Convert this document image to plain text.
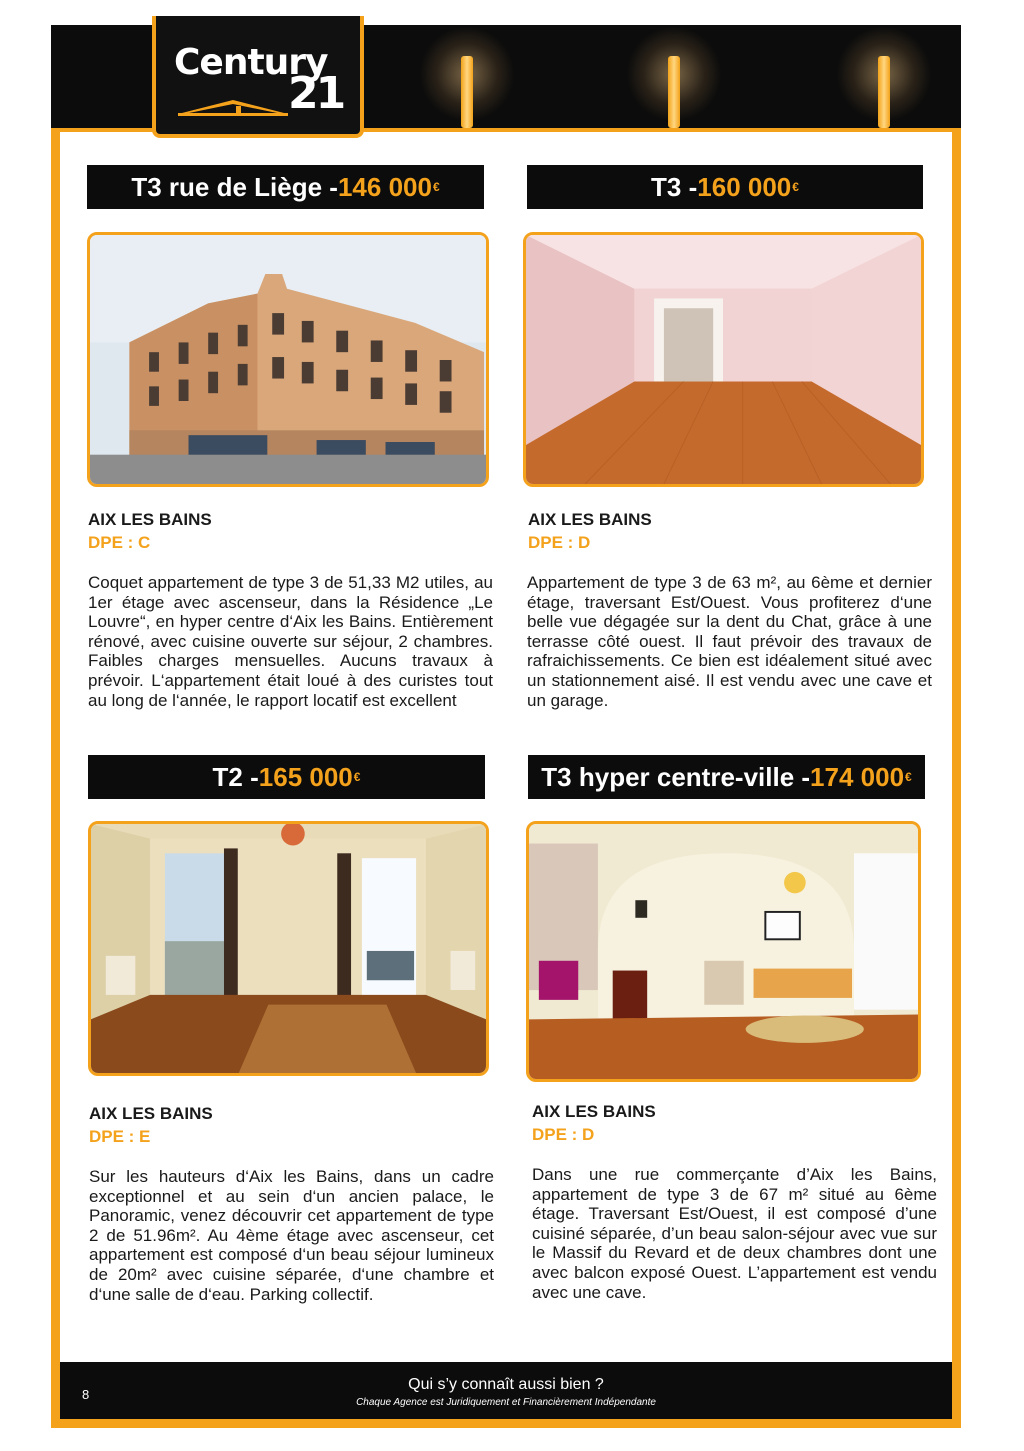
Century
21
T3 rue de Liège - 146 000 €
AIX LES BAINS
DPE : C
Coquet appartement de type 3 de 51,33 M2 utiles, au 1er étage avec ascenseur, dans la Résidence „Le Louvre“, en hyper centre d‘Aix les Bains. Entièrement rénové, avec cuisine ouverte sur séjour, 2 chambres. Faibles charges mensuelles. Aucuns travaux à prévoir. L‘appartement était loué à des curistes tout au long de l‘année, le rapport locatif est excellent
T3 - 160 000 €
AIX LES BAINS
DPE : D
Appartement de type 3 de 63 m², au 6ème et dernier étage, traversant Est/Ouest. Vous profiterez d‘une belle vue dégagée sur la dent du Chat, grâce à une terrasse côté ouest. Il faut prévoir des travaux de rafraichissements. Ce bien est idéalement situé avec un stationnement aisé. Il est vendu avec une cave et un garage.
T2 - 165 000 €
AIX LES BAINS
DPE : E
Sur les hauteurs d‘Aix les Bains, dans un cadre exceptionnel et au sein d‘un ancien palace, le Panoramic, venez découvrir cet appartement de type 2 de 51.96m². Au 4ème étage avec ascenseur, cet appartement est composé d‘un beau séjour lumineux de 20m² avec cuisine séparée, d‘une chambre et d‘une salle de d‘eau. Parking collectif.
T3 hyper centre-ville - 174 000 €
AIX LES BAINS
DPE : D
Dans une rue commerçante d’Aix les Bains, appartement de type 3 de 67 m² situé au 6ème étage. Traversant Est/Ouest, il est composé d’une cuisiné séparée, d’un beau salon-séjour avec vue sur le Massif du Revard et de deux chambres dont une avec balcon exposé Ouest. L’appartement est vendu avec une cave.
8
Qui s’y connaît aussi bien ?
Chaque Agence est Juridiquement et Financièrement Indépendante
